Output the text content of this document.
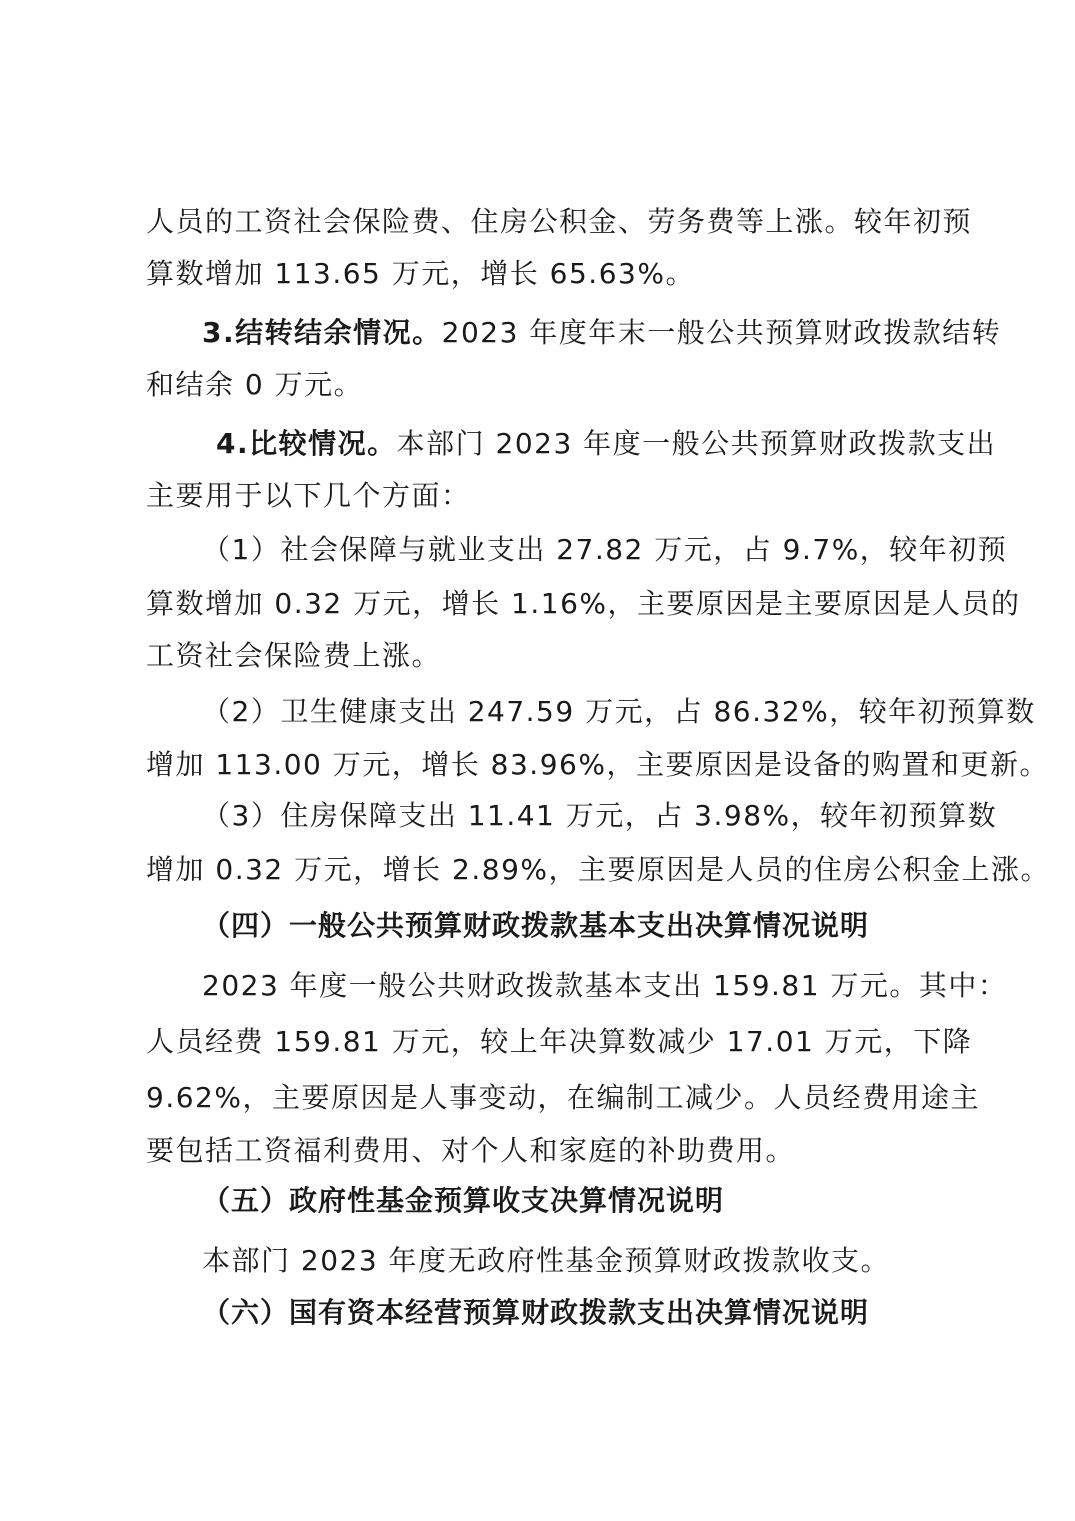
人员的工资社会保险费、住房公积金、劳务费等上涨。较年初预
算数增加 113.65 万元，增长 65.63%。
3.结转结余情况。2023 年度年末一般公共预算财政拨款结转
和结余 0 万元。
4.比较情况。本部门 2023 年度一般公共预算财政拨款支出
主要用于以下几个方面：
（1）社会保障与就业支出 27.82 万元，占 9.7%，较年初预
算数增加 0.32 万元，增长 1.16%，主要原因是主要原因是人员的
工资社会保险费上涨。
（2）卫生健康支出 247.59 万元，占 86.32%，较年初预算数
增加 113.00 万元，增长 83.96%，主要原因是设备的购置和更新。
（3）住房保障支出 11.41 万元，占 3.98%，较年初预算数
增加 0.32 万元，增长 2.89%，主要原因是人员的住房公积金上涨。
（四）一般公共预算财政拨款基本支出决算情况说明
2023 年度一般公共财政拨款基本支出 159.81 万元。其中：
人员经费 159.81 万元，较上年决算数减少 17.01 万元，下降
9.62%，主要原因是人事变动，在编制工减少。人员经费用途主
要包括工资福利费用、对个人和家庭的补助费用。
（五）政府性基金预算收支决算情况说明
本部门 2023 年度无政府性基金预算财政拨款收支。
（六）国有资本经营预算财政拨款支出决算情况说明
